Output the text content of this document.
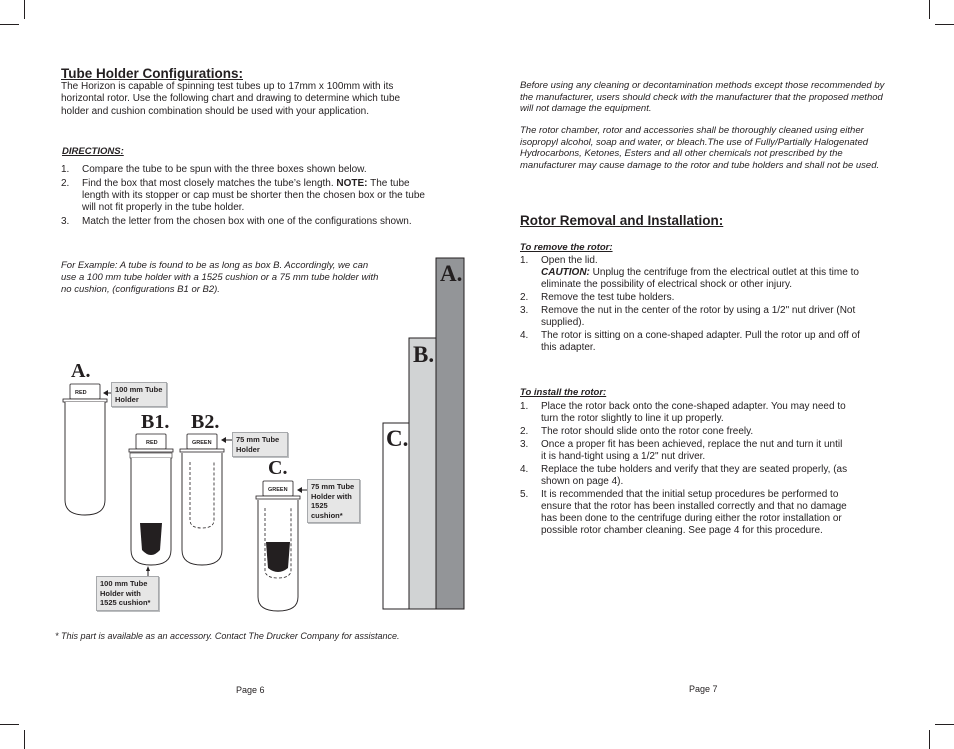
Tube Holder Configurations:
The Horizon is capable of spinning test tubes up to 17mm x 100mm with its horizontal rotor. Use the following chart and drawing to determine which tube holder and cushion combination should be used with your application.
DIRECTIONS:
1. Compare the tube to be spun with the three boxes shown below.
2. Find the box that most closely matches the tube’s length. NOTE: The tube length with its stopper or cap must be shorter then the chosen box or the tube will not fit properly in the tube holder.
3. Match the letter from the chosen box with one of the configurations shown.
For Example: A tube is found to be as long as box B. Accordingly, we can use a 100 mm tube holder with a 1525 cushion or a 75 mm tube holder with no cushion, (configurations B1 or B2).
RED
RED	GREEN
GREEN
A.
B1. B2.
C.
A.
B.
C.
100 mm Tube Holder
75 mm Tube Holder
75 mm Tube Holder with 1525 cushion*
100 mm Tube Holder with 1525 cushion*
* This part is available as an accessory. Contact The Drucker Company for assistance.
Page 6
Before using any cleaning or decontamination methods except those recommended by the manufacturer, users should check with the manufacturer that the proposed method will not damage the equipment.
The rotor chamber, rotor and accessories shall be thoroughly cleaned using either isopropyl alcohol, soap and water, or bleach.The use of Fully/Partially Halogenated Hydrocarbons, Ketones, Esters and all other chemicals not prescribed by the manufacturer may cause damage to the rotor and tube holders and shall not be used.
Rotor Removal and Installation:
To remove the rotor:
1. Open the lid.
CAUTION: Unplug the centrifuge from the electrical outlet at this time to eliminate the possibility of electrical shock or other injury.
2. Remove the test tube holders.
3. Remove the nut in the center of the rotor by using a 1/2" nut driver (Not supplied).
4. The rotor is sitting on a cone-shaped adapter. Pull the rotor up and off of this adapter.
To install the rotor:
1. Place the rotor back onto the cone-shaped adapter. You may need to turn the rotor slightly to line it up properly.
2. The rotor should slide onto the rotor cone freely.
3. Once a proper fit has been achieved, replace the nut and turn it until it is hand-tight using a 1/2" nut driver.
4. Replace the tube holders and verify that they are seated properly, (as shown on page 4).
5. It is recommended that the initial setup procedures be performed to ensure that the rotor has been installed correctly and that no damage has been done to the centrifuge during either the rotor installation or possible rotor chamber cleaning. See page 4 for this procedure.
Page 7
